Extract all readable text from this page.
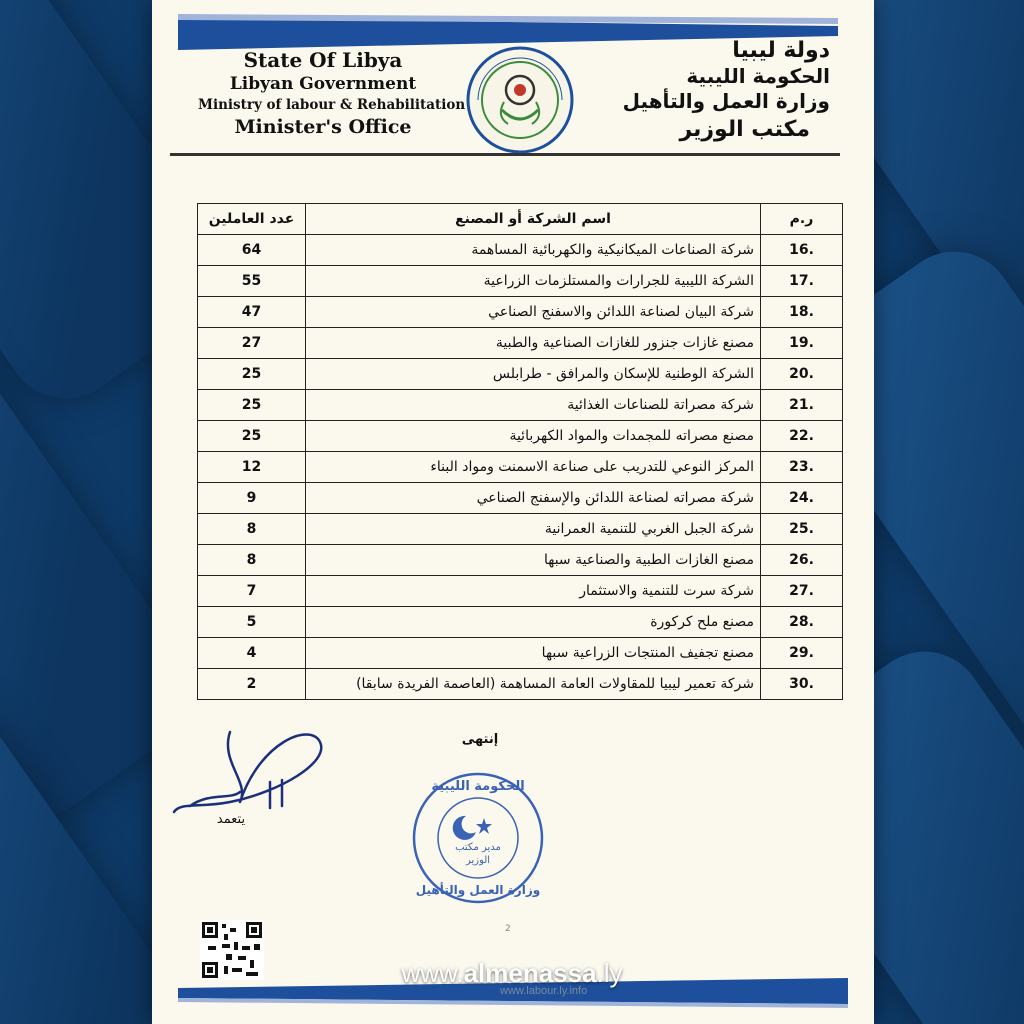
State Of Libya
Libyan Government
Ministry of labour & Rehabilitation
Minister's Office
دولة ليبيا
الحكومة الليبية
وزارة العمل والتأهيل
مكتب الوزير
ر.م	اسم الشركة أو المصنع	عدد العاملين
16.	شركة الصناعات الميكانيكية والكهربائية المساهمة	64
17.	الشركة الليبية للجرارات والمستلزمات الزراعية	55
18.	شركة البيان لصناعة اللدائن والاسفنج الصناعي	47
19.	مصنع غازات جنزور للغازات الصناعية والطبية	27
20.	الشركة الوطنية للإسكان والمرافق - طرابلس	25
21.	شركة مصراتة للصناعات الغذائية	25
22.	مصنع مصراته للمجمدات والمواد الكهربائية	25
23.	المركز النوعي للتدريب على صناعة الاسمنت ومواد البناء	12
24.	شركة مصراته لصناعة اللدائن والإسفنج الصناعي	9
25.	شركة الجبل الغربي للتنمية العمرانية	8
26.	مصنع الغازات الطبية والصناعية سبها	8
27.	شركة سرت للتنمية والاستثمار	7
28.	مصنع ملح كركورة	5
29.	مصنع تجفيف المنتجات الزراعية سبها	4
30.	شركة تعمير ليبيا للمقاولات العامة المساهمة (العاصمة الفريدة سابقا)	2
إنتهى
يتعمد
مدير مكتب
الوزير
الحكومة الليبية
وزارة العمل والتأهيل
2
www.labour.ly.info
www.almenassa.ly
